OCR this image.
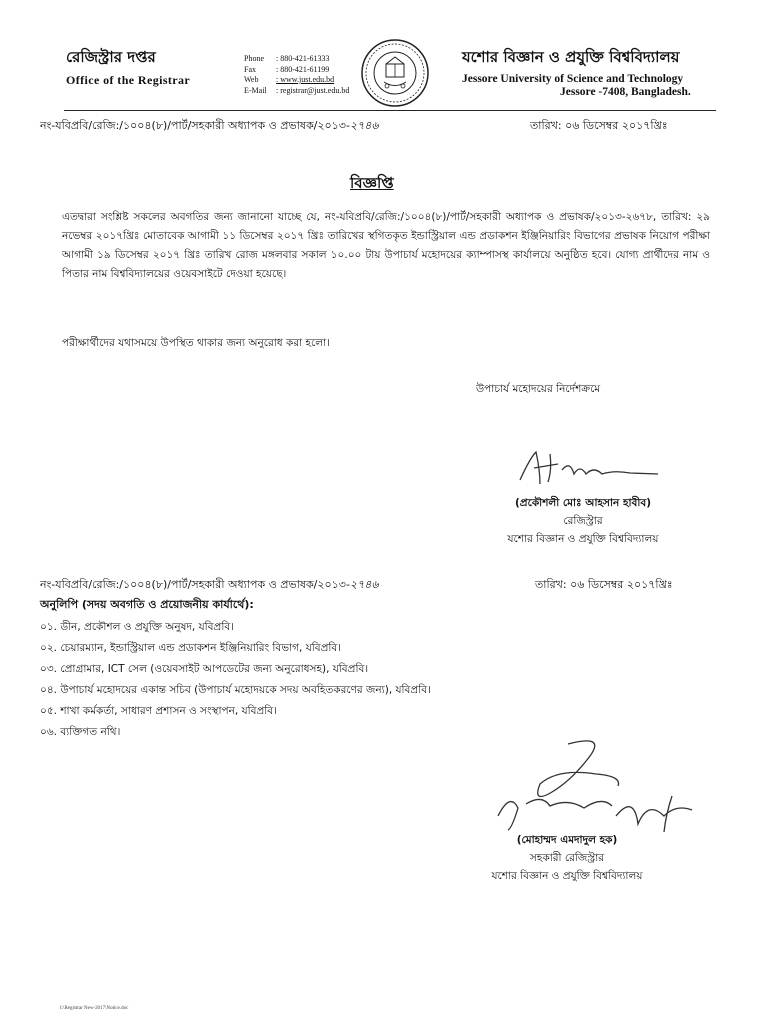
রেজিস্ট্রার দপ্তর
Office of the Registrar
Phone	: 880-421-61333
Fax	: 880-421-61199
Web	: www.just.edu.bd
E-Mail	: registrar@just.edu.bd
যশোর বিজ্ঞান ও প্রযুক্তি বিশ্ববিদ্যালয়
Jessore University of Science and Technology
Jessore -7408, Bangladesh.
নং-যবিপ্রবি/রেজি:/১০০৪(৮)/পার্ট/সহকারী অধ্যাপক ও প্রভাষক/২০১৩-২৭৪৬	তারিখ: ০৬ ডিসেম্বর ২০১৭খ্রিঃ
বিজ্ঞপ্তি
এতদ্বারা সংশ্লিষ্ট সকলের অবগতির জন্য জানানো যাচ্ছে যে, নং-যবিপ্রবি/রেজি:/১০০৪(৮)/পার্ট/সহকারী অধ্যাপক ও প্রভাষক/২০১৩-২৬৭৮, তারিখ: ২৯ নভেম্বর ২০১৭খ্রিঃ মোতাবেক আগামী ১১ ডিসেম্বর ২০১৭ খ্রিঃ তারিখের স্থগিতকৃত ইন্ডাস্ট্রিয়াল এন্ড প্রডাকশন ইঞ্জিনিয়ারিং বিভাগের প্রভাষক নিয়োগ পরীক্ষা আগামী ১৯ ডিসেম্বর ২০১৭ খ্রিঃ তারিখ রোজ মঙ্গলবার সকাল ১০.০০ টায় উপাচার্য মহোদয়ের ক্যাম্পাসস্থ কার্যালয়ে অনুষ্ঠিত হবে। যোগ্য প্রার্থীদের নাম ও পিতার নাম বিশ্ববিদ্যালয়ের ওয়েবসাইটে দেওয়া হয়েছে।
পরীক্ষার্থীদের যথাসময়ে উপস্থিত থাকার জন্য অনুরোধ করা হলো।
উপাচার্য মহোদয়ের নির্দেশক্রমে
(প্রকৌশলী মোঃ আহসান হাবীব)
রেজিস্ট্রার
যশোর বিজ্ঞান ও প্রযুক্তি বিশ্ববিদ্যালয়
নং-যবিপ্রবি/রেজি:/১০০৪(৮)/পার্ট/সহকারী অধ্যাপক ও প্রভাষক/২০১৩-২৭৪৬	তারিখ: ০৬ ডিসেম্বর ২০১৭খ্রিঃ
অনুলিপি (সদয় অবগতি ও প্রয়োজনীয় কার্যার্থে):
০১. ডীন, প্রকৌশল ও প্রযুক্তি অনুষদ, যবিপ্রবি।
০২. চেয়ারম্যান, ইন্ডাস্ট্রিয়াল এন্ড প্রডাকশন ইঞ্জিনিয়ারিং বিভাগ, যবিপ্রবি।
০৩. প্রোগ্রামার, ICT সেল (ওয়েবসাইট আপডেটের জন্য অনুরোধসহ), যবিপ্রবি।
০৪. উপাচার্য মহোদয়ের একান্ত সচিব (উপাচার্য মহোদয়কে সদয় অবহিতকরণের জন্য), যবিপ্রবি।
০৫. শাখা কর্মকর্তা, সাধারণ প্রশাসন ও সংস্থাপন, যবিপ্রবি।
০৬. ব্যক্তিগত নথি।
(মোহাম্মদ এমদাদুল হক)
সহকারী রেজিস্ট্রার
যশোর বিজ্ঞান ও প্রযুক্তি বিশ্ববিদ্যালয়
I:\Registrar New-2017\Notice.doc
